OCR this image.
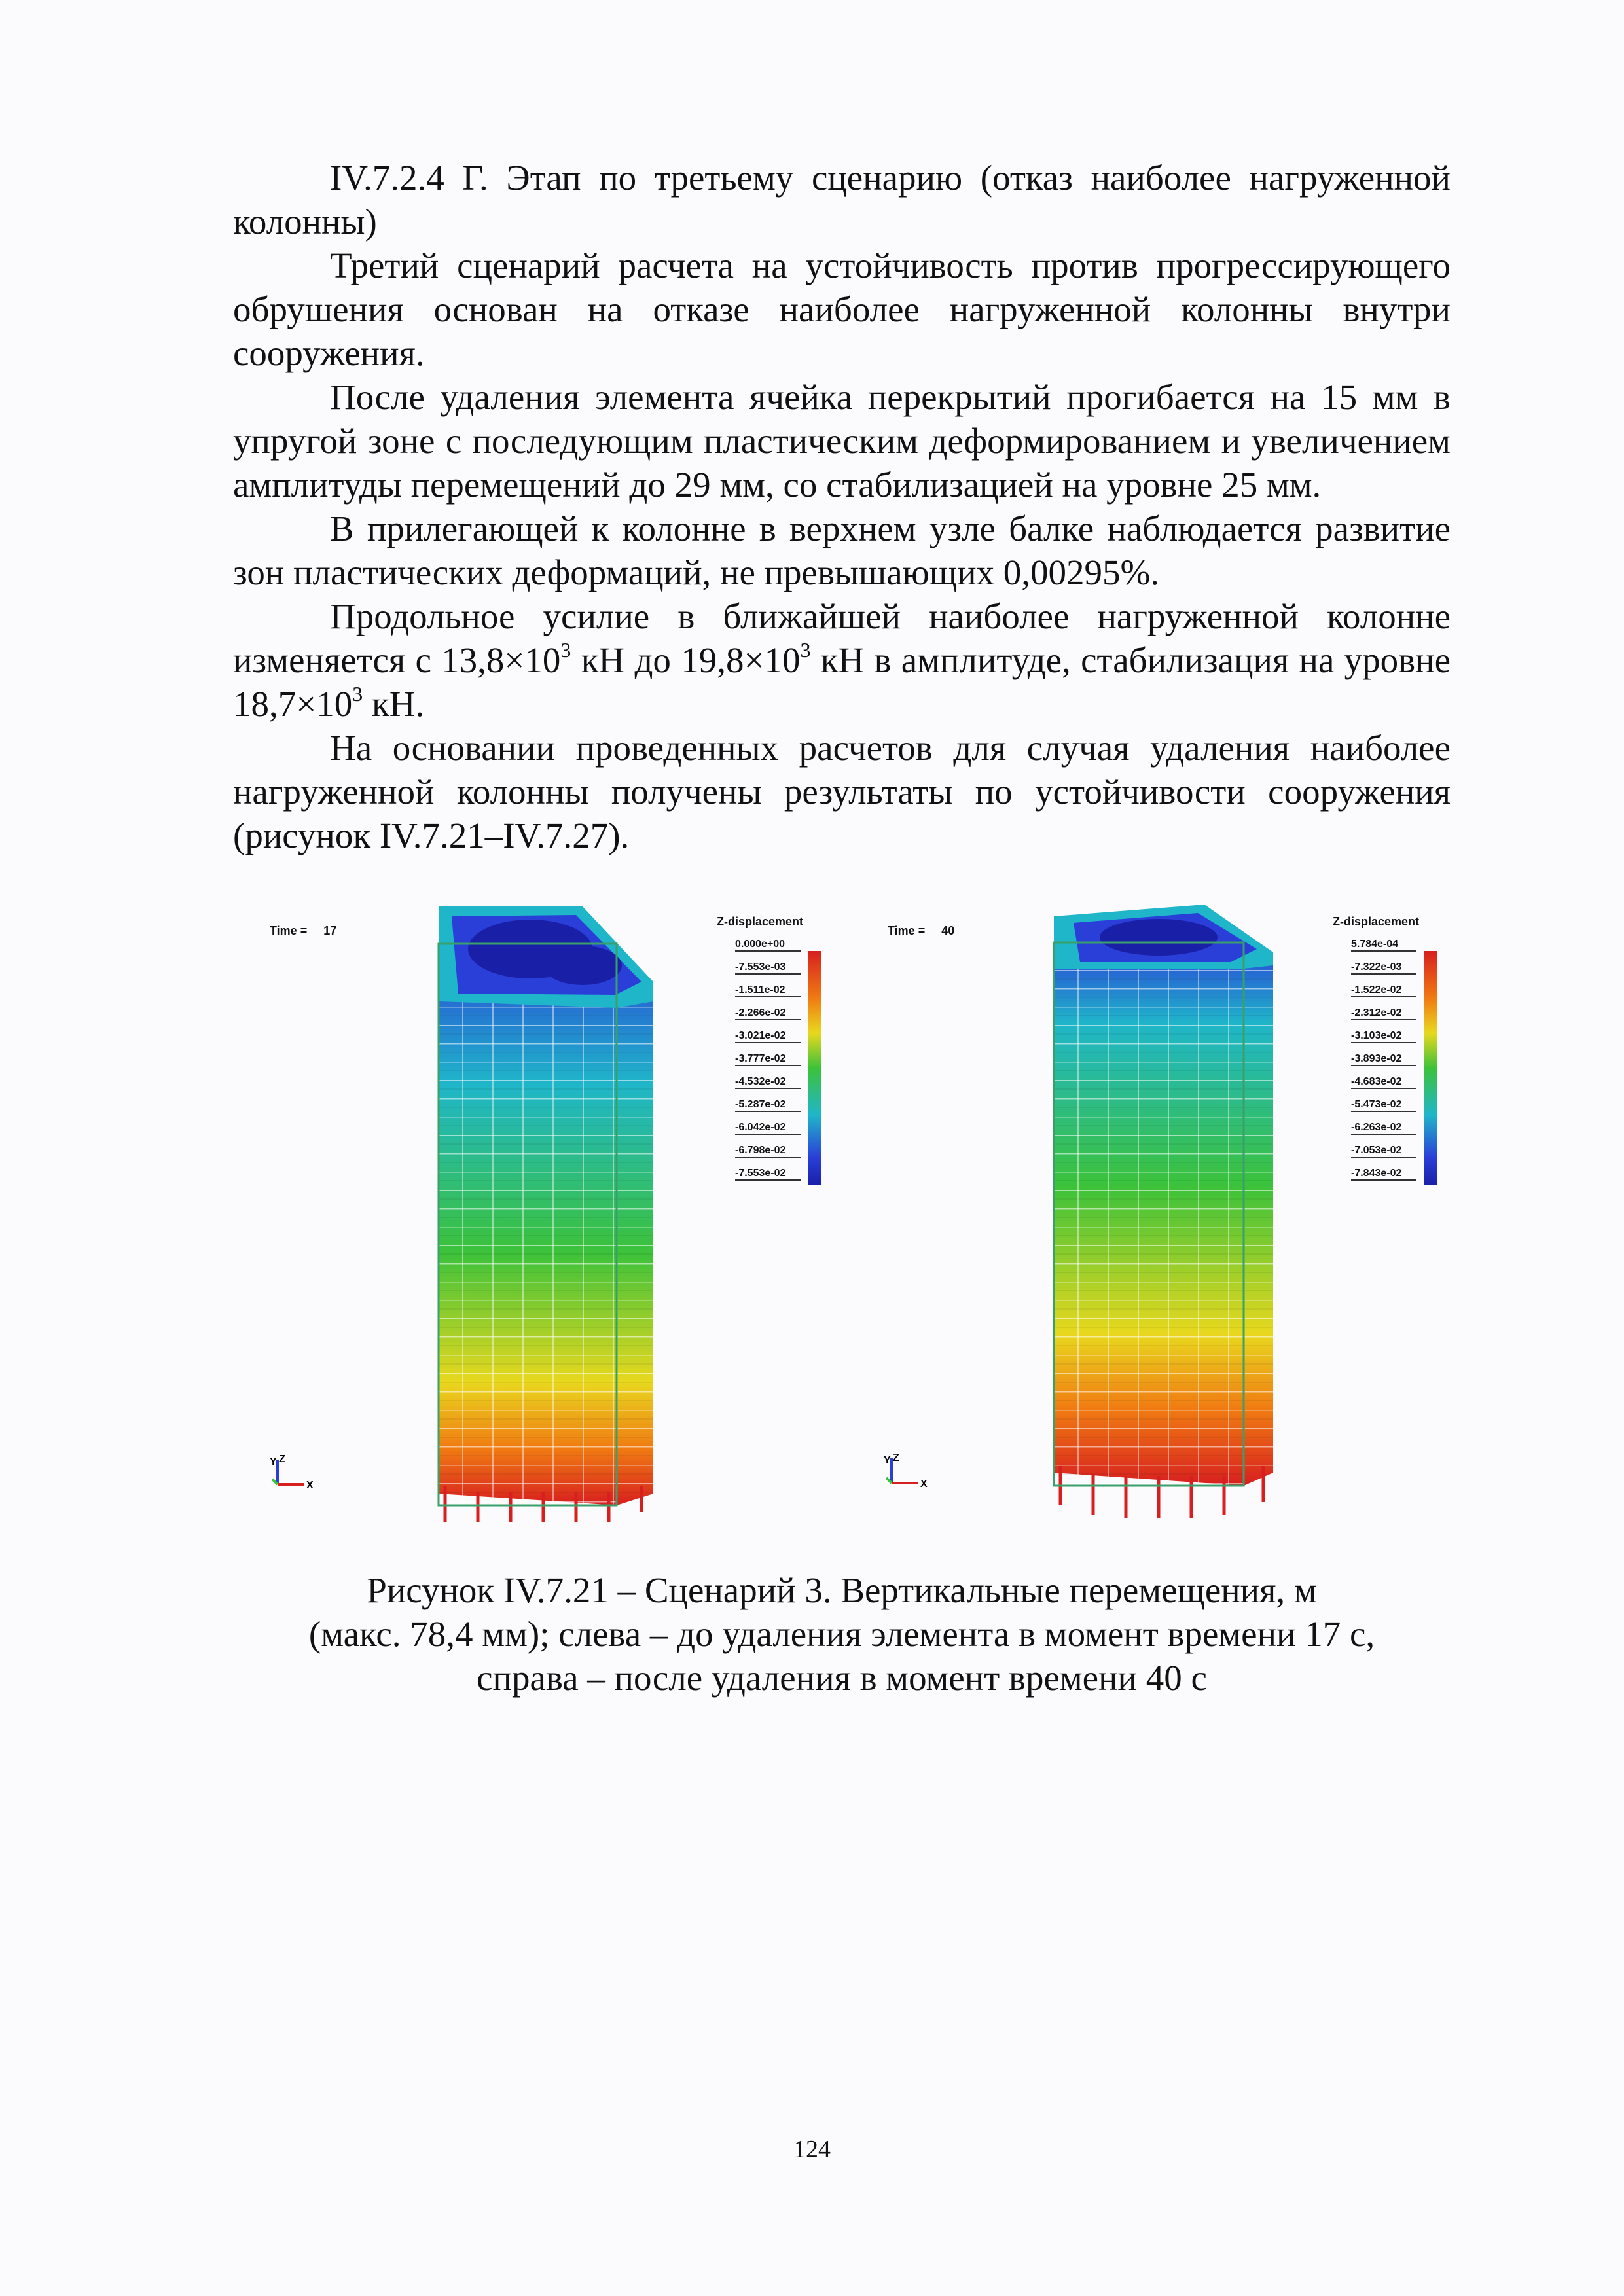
IV.7.2.4 Г. Этап по третьему сценарию (отказ наиболее нагруженной колонны)

Третий сценарий расчета на устойчивость против прогрессирующего обрушения основан на отказе наиболее нагруженной колонны внутри сооружения.

После удаления элемента ячейка перекрытий прогибается на 15 мм в упругой зоне с последующим пластическим деформированием и увеличением амплитуды перемещений до 29 мм, со стабилизацией на уровне 25 мм.

В прилегающей к колонне в верхнем узле балке наблюдается развитие зон пластических деформаций, не превышающих 0,00295%.

Продольное усилие в ближайшей наиболее нагруженной колонне изменяется с $13,8\times 10^3$ кН до $19,8\times 10^3$ кН в амплитуде, стабилизация на уровне $18,7\times 10^3$ кН.

На основании проведенных расчетов для случая удаления наиболее нагруженной колонны получены результаты по устойчивости сооружения (рисунок IV.7.21–IV.7.27).

Time = 17
Z-displacement
0.000e+00
-7.553e-03
-1.511e-02
-2.266e-02
-3.021e-02
-3.777e-02
-4.532e-02
-5.287e-02
-6.042e-02
-6.798e-02
-7.553e-02
Y Z
X
Time = 40
Z-displacement
5.784e-04
-7.322e-03
-1.522e-02
-2.312e-02
-3.103e-02
-3.893e-02
-4.683e-02
-5.473e-02
-6.263e-02
-7.053e-02
-7.843e-02
Y Z
X

Рисунок IV.7.21 – Сценарий 3. Вертикальные перемещения, м

(макс. 78,4 мм); слева – до удаления элемента в момент времени 17 с,

справа – после удаления в момент времени 40 с

124
